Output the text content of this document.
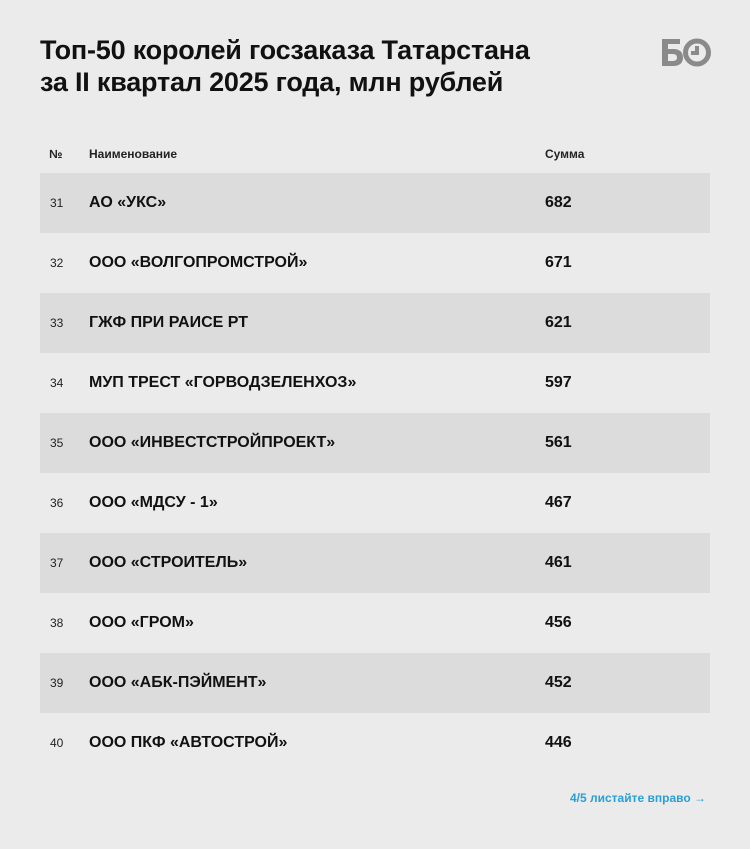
Топ-50 королей госзаказа Татарстана
за II квартал 2025 года, млн рублей
№ Наименование	Сумма
31 АО «УКС»	682
32 ООО «ВОЛГОПРОМСТРОЙ»	671
33 ГЖФ ПРИ РАИСЕ РТ	621
34 МУП ТРЕСТ «ГОРВОДЗЕЛЕНХОЗ»	597
35 ООО «ИНВЕСТСТРОЙПРОЕКТ»	561
36 ООО «МДСУ - 1»	467
37 ООО «СТРОИТЕЛЬ»	461
38 ООО «ГРОМ»	456
39 ООО «АБК-ПЭЙМЕНТ»	452
40 ООО ПКФ «АВТОСТРОЙ»	446
4/5 листайте вправо →
